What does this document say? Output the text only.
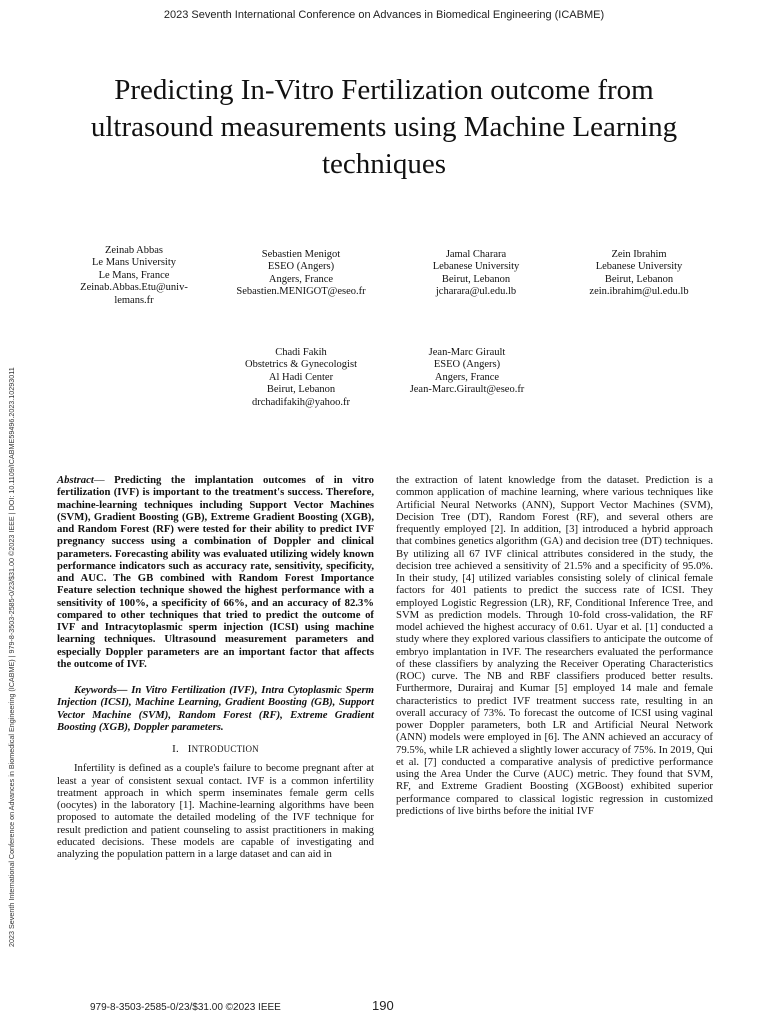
2023 Seventh International Conference on Advances in Biomedical Engineering (ICABME)
2023 Seventh International Conference on Advances in Biomedical Engineering (ICABME) | 979-8-3503-2585-0/23/$31.00 ©2023 IEEE | DOI: 10.1109/ICABME59496.2023.10293011
Predicting In-Vitro Fertilization outcome from
ultrasound measurements using Machine Learning
techniques
Zeinab Abbas
Le Mans University
Le Mans, France
Zeinab.Abbas.Etu@univ-
lemans.fr
Sebastien Menigot
ESEO (Angers)
Angers, France
Sebastien.MENIGOT@eseo.fr
Jamal Charara
Lebanese University
Beirut, Lebanon
jcharara@ul.edu.lb
Zein Ibrahim
Lebanese University
Beirut, Lebanon
zein.ibrahim@ul.edu.lb
Chadi Fakih
Obstetrics & Gynecologist
Al Hadi Center
Beirut, Lebanon
drchadifakih@yahoo.fr
Jean-Marc Girault
ESEO (Angers)
Angers, France
Jean-Marc.Girault@eseo.fr

Abstract— Predicting the implantation outcomes of in vitro fertilization (IVF) is important to the treatment's success. Therefore, machine-learning techniques including Support Vector Machines (SVM), Gradient Boosting (GB), Extreme Gradient Boosting (XGB), and Random Forest (RF) were tested for their ability to predict IVF pregnancy success using a combination of Doppler and clinical parameters. Forecasting ability was evaluated utilizing widely known performance indicators such as accuracy rate, sensitivity, specificity, and AUC. The GB combined with Random Forest Importance Feature selection technique showed the highest performance with a sensitivity of 100%, a specificity of 66%, and an accuracy of 82.3% compared to other techniques that tried to predict the outcome of IVF and Intracytoplasmic sperm injection (ICSI) using machine learning techniques. Ultrasound measurement parameters and especially Doppler parameters are an important factor that affects the outcome of IVF.

Keywords— In Vitro Fertilization (IVF), Intra Cytoplasmic Sperm Injection (ICSI), Machine Learning, Gradient Boosting (GB), Support Vector Machine (SVM), Random Forest (RF), Extreme Gradient Boosting (XGB), Doppler parameters.

I. INTRODUCTION

Infertility is defined as a couple's failure to become pregnant after at least a year of consistent sexual contact. IVF is a common infertility treatment approach in which sperm inseminates female germ cells (oocytes) in the laboratory [1]. Machine-learning algorithms have been proposed to automate the detailed modeling of the IVF technique for result prediction and patient counseling to assist practitioners in making educated decisions. These models are capable of investigating and analyzing the population pattern in a large dataset and can aid in

the extraction of latent knowledge from the dataset. Prediction is a common application of machine learning, where various techniques like Artificial Neural Networks (ANN), Support Vector Machines (SVM), Decision Tree (DT), Random Forest (RF), and several others are frequently employed [2]. In addition, [3] introduced a hybrid approach that combines genetics algorithm (GA) and decision tree (DT) techniques. By utilizing all 67 IVF clinical attributes considered in the study, the decision tree achieved a sensitivity of 21.5% and a specificity of 95.0%. In their study, [4] utilized variables consisting solely of clinical female factors for 401 patients to predict the success rate of ICSI. They employed Logistic Regression (LR), RF, Conditional Inference Tree, and SVM as prediction models. Through 10-fold cross-validation, the RF model achieved the highest accuracy of 0.61. Uyar et al. [1] conducted a study where they explored various classifiers to anticipate the outcome of embryo implantation in IVF. The researchers evaluated the performance of these classifiers by analyzing the Receiver Operating Characteristics (ROC) curve. The NB and RBF classifiers produced better results. Furthermore, Durairaj and Kumar [5] employed 14 male and female characteristics to predict IVF treatment success rate, resulting in an overall accuracy of 73%. To forecast the outcome of ICSI using vaginal power Doppler parameters, both LR and Artificial Neural Network (ANN) models were employed in [6]. The ANN achieved an accuracy of 79.5%, while LR achieved a slightly lower accuracy of 75%. In 2019, Qui et al. [7] conducted a comparative analysis of predictive performance using the Area Under the Curve (AUC) metric. They found that SVM, RF, and Extreme Gradient Boosting (XGBoost) exhibited superior performance compared to classical logistic regression in customized predictions of live births before the initial IVF

979-8-3503-2585-0/23/$31.00 ©2023 IEEE	190
